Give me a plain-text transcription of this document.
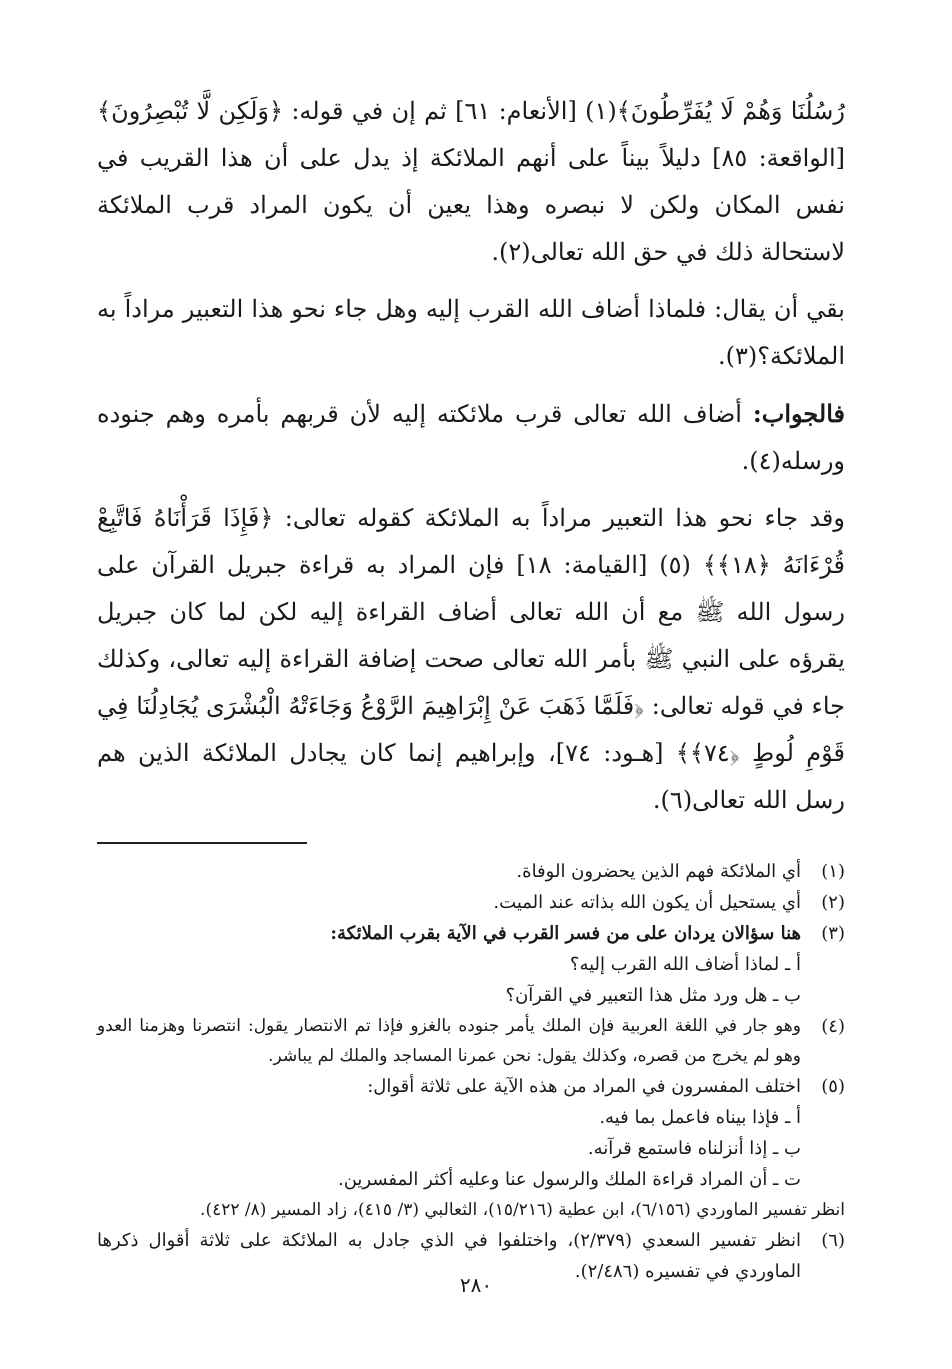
رُسُلُنَا وَهُمْ لَا يُفَرِّطُونَ﴾(١) [الأنعام: ٦١] ثم إن في قوله: ﴿وَلَكِن لَّا تُبْصِرُونَ﴾ [الواقعة: ٨٥] دليلاً بيناً على أنهم الملائكة إذ يدل على أن هذا القريب في نفس المكان ولكن لا نبصره وهذا يعين أن يكون المراد قرب الملائكة لاستحالة ذلك في حق الله تعالى(٢).

بقي أن يقال: فلماذا أضاف الله القرب إليه وهل جاء نحو هذا التعبير مراداً به الملائكة؟(٣).

فالجواب: أضاف الله تعالى قرب ملائكته إليه لأن قربهم بأمره وهم جنوده ورسله(٤).

وقد جاء نحو هذا التعبير مراداً به الملائكة كقوله تعالى: ﴿فَإِذَا قَرَأْنَاهُ فَاتَّبِعْ قُرْءَانَهُ ﴿١٨﴾﴾ (٥) [القيامة: ١٨] فإن المراد به قراءة جبريل القرآن على رسول الله ﷺ مع أن الله تعالى أضاف القراءة إليه لكن لما كان جبريل يقرؤه على النبي ﷺ بأمر الله تعالى صحت إضافة القراءة إليه تعالى، وكذلك جاء في قوله تعالى: ﴿فَلَمَّا ذَهَبَ عَنْ إِبْرَاهِيمَ الرَّوْعُ وَجَاءَتْهُ الْبُشْرَى يُجَادِلُنَا فِي قَوْمِ لُوطٍ ﴿٧٤﴾﴾ [هـود: ٧٤]، وإبراهيم إنما كان يجادل الملائكة الذين هم رسل الله تعالى(٦).

(١)
أي الملائكة فهم الذين يحضرون الوفاة.
(٢)
أي يستحيل أن يكون الله بذاته عند الميت.
(٣)
هنا سؤالان يردان على من فسر القرب في الآية بقرب الملائكة:
أ ـ لماذا أضاف الله القرب إليه؟
ب ـ هل ورد مثل هذا التعبير في القرآن؟
(٤)
وهو جار في اللغة العربية فإن الملك يأمر جنوده بالغزو فإذا تم الانتصار يقول: انتصرنا وهزمنا العدو وهو لم يخرج من قصره، وكذلك يقول: نحن عمرنا المساجد والملك لم يباشر.
(٥)
اختلف المفسرون في المراد من هذه الآية على ثلاثة أقوال:
أ ـ فإذا بيناه فاعمل بما فيه.
ب ـ إذا أنزلناه فاستمع قرآنه.
ت ـ أن المراد قراءة الملك والرسول عنا وعليه أكثر المفسرين.
انظر تفسير الماوردي (٦/١٥٦)، ابن عطية (١٥/٢١٦)، الثعالبي (٣/ ٤١٥)، زاد المسير (٨/ ٤٢٢).
(٦)
انظر تفسير السعدي (٢/٣٧٩)، واختلفوا في الذي جادل به الملائكة على ثلاثة أقوال ذكرها الماوردي في تفسيره (٢/٤٨٦).
٢٨٠
